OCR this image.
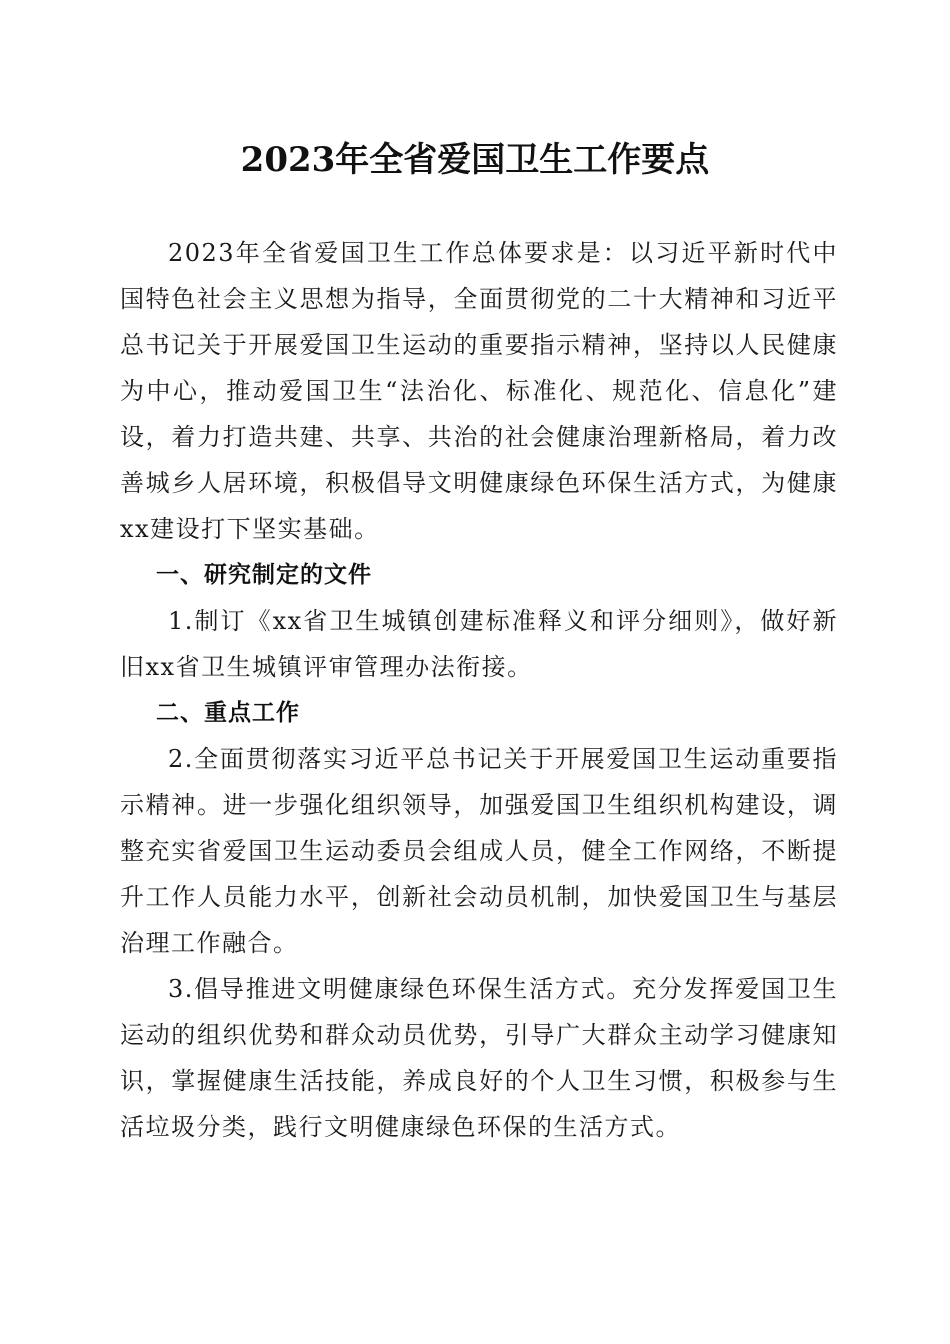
2023年全省爱国卫生工作要点

2023年全省爱国卫生工作总体要求是：以习近平新时代中国特色社会主义思想为指导，全面贯彻党的二十大精神和习近平总书记关于开展爱国卫生运动的重要指示精神，坚持以人民健康为中心，推动爱国卫生“法治化、标准化、规范化、信息化”建设，着力打造共建、共享、共治的社会健康治理新格局，着力改善城乡人居环境，积极倡导文明健康绿色环保生活方式，为健康xx建设打下坚实基础。

一、研究制定的文件

1.制订《xx省卫生城镇创建标准释义和评分细则》，做好新旧xx省卫生城镇评审管理办法衔接。

二、重点工作

2.全面贯彻落实习近平总书记关于开展爱国卫生运动重要指示精神。进一步强化组织领导，加强爱国卫生组织机构建设，调整充实省爱国卫生运动委员会组成人员，健全工作网络，不断提升工作人员能力水平，创新社会动员机制，加快爱国卫生与基层治理工作融合。

3.倡导推进文明健康绿色环保生活方式。充分发挥爱国卫生运动的组织优势和群众动员优势，引导广大群众主动学习健康知识，掌握健康生活技能，养成良好的个人卫生习惯，积极参与生活垃圾分类，践行文明健康绿色环保的生活方式。
